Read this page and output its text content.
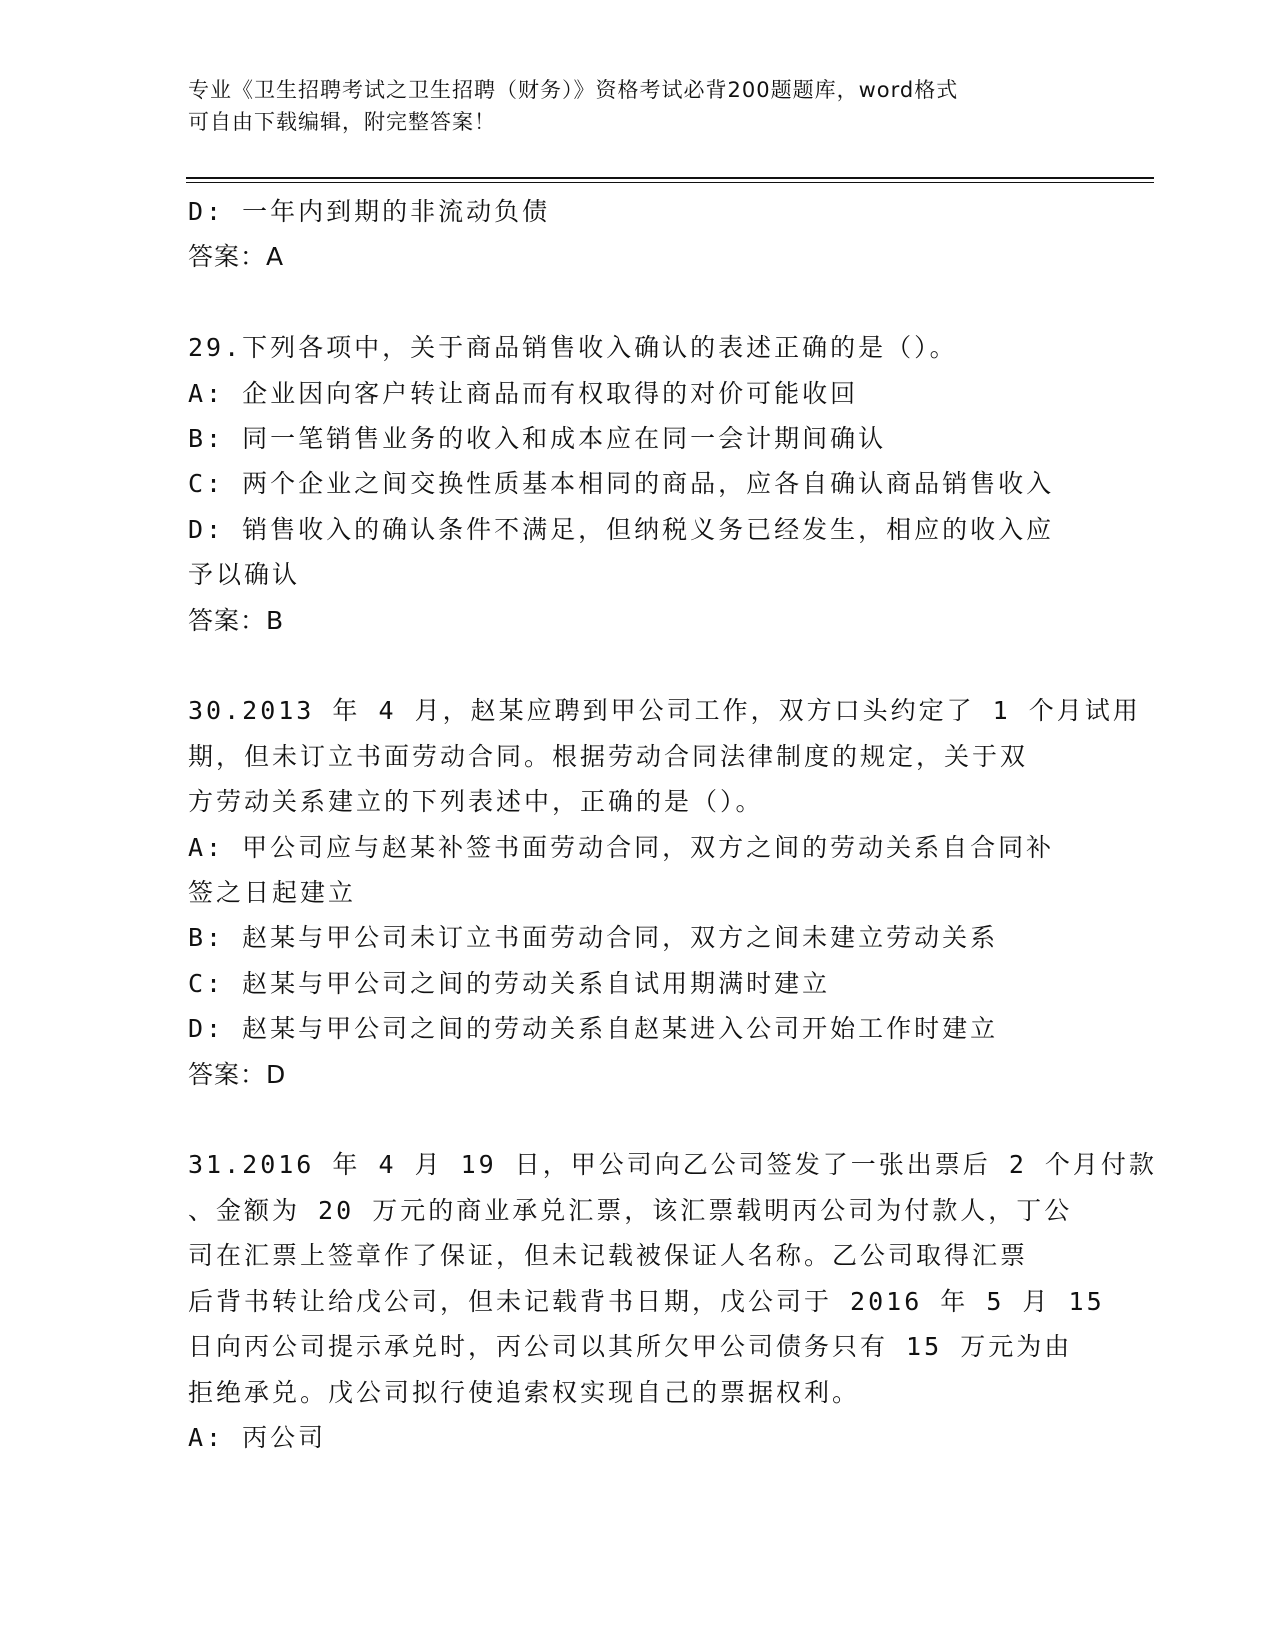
专业《卫生招聘考试之卫生招聘（财务）》资格考试必背200题题库，word格式
可自由下载编辑，附完整答案！
D: 一年内到期的非流动负债
答案：A
29.下列各项中，关于商品销售收入确认的表述正确的是（）。
A: 企业因向客户转让商品而有权取得的对价可能收回
B: 同一笔销售业务的收入和成本应在同一会计期间确认
C: 两个企业之间交换性质基本相同的商品，应各自确认商品销售收入
D: 销售收入的确认条件不满足，但纳税义务已经发生，相应的收入应
予以确认
答案：B
30.2013 年 4 月，赵某应聘到甲公司工作，双方口头约定了 1 个月试用
期，但未订立书面劳动合同。根据劳动合同法律制度的规定，关于双
方劳动关系建立的下列表述中，正确的是（）。
A: 甲公司应与赵某补签书面劳动合同，双方之间的劳动关系自合同补
签之日起建立
B: 赵某与甲公司未订立书面劳动合同，双方之间未建立劳动关系
C: 赵某与甲公司之间的劳动关系自试用期满时建立
D: 赵某与甲公司之间的劳动关系自赵某进入公司开始工作时建立
答案：D
31.2016 年 4 月 19 日，甲公司向乙公司签发了一张出票后 2 个月付款
、金额为 20 万元的商业承兑汇票，该汇票载明丙公司为付款人，丁公
司在汇票上签章作了保证，但未记载被保证人名称。乙公司取得汇票
后背书转让给戊公司，但未记载背书日期，戊公司于 2016 年 5 月 15
日向丙公司提示承兑时，丙公司以其所欠甲公司债务只有 15 万元为由
拒绝承兑。戊公司拟行使追索权实现自己的票据权利。
A: 丙公司
